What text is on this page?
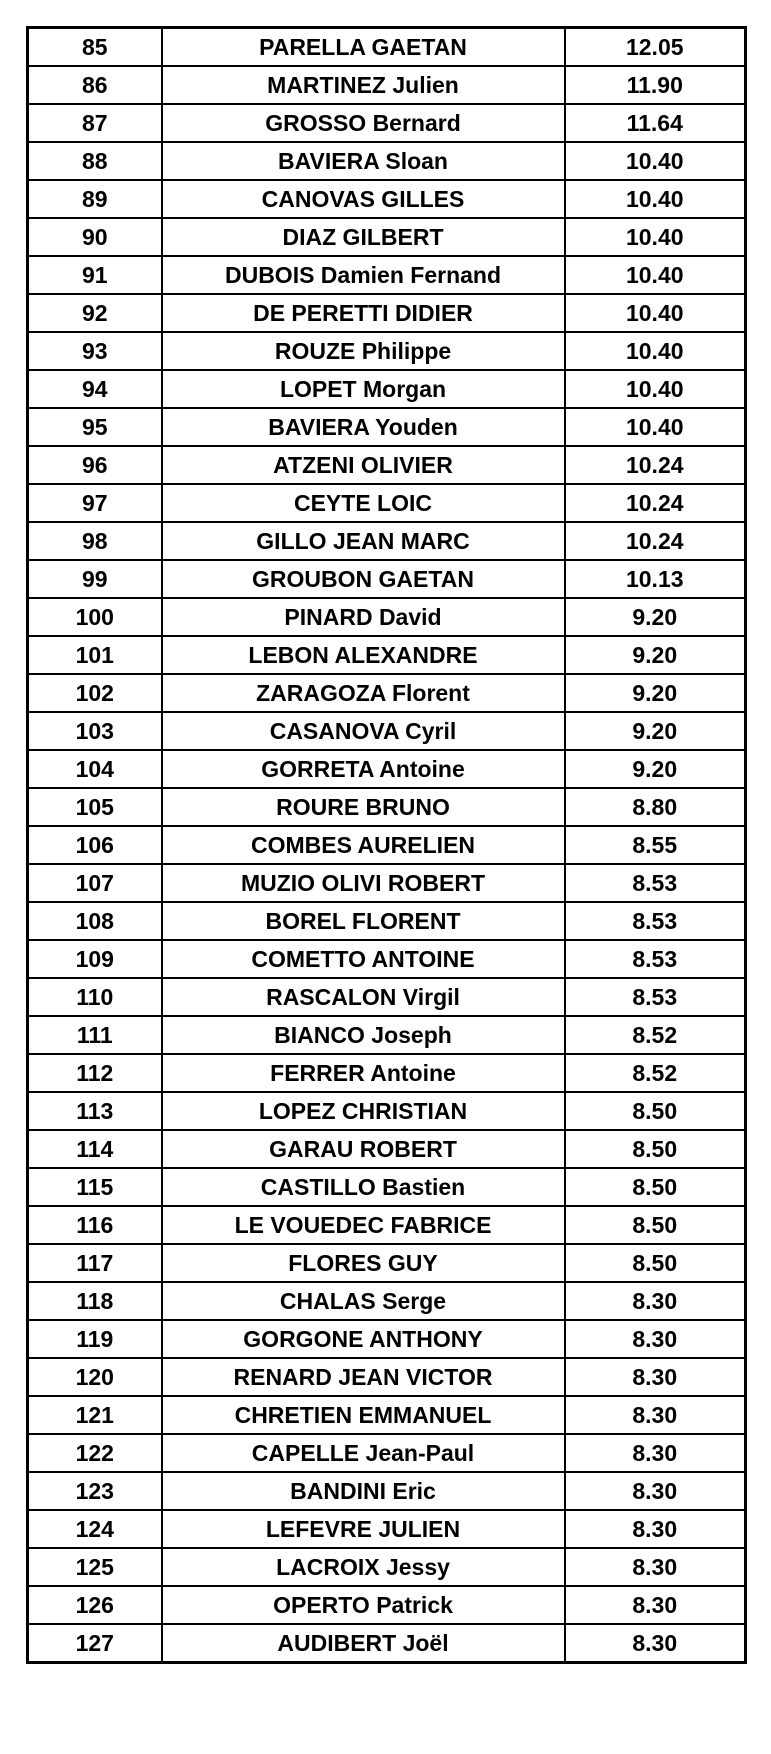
85	PARELLA GAETAN	12.05
86	MARTINEZ Julien	11.90
87	GROSSO Bernard	11.64
88	BAVIERA Sloan	10.40
89	CANOVAS GILLES	10.40
90	DIAZ GILBERT	10.40
91	DUBOIS Damien Fernand	10.40
92	DE PERETTI DIDIER	10.40
93	ROUZE Philippe	10.40
94	LOPET Morgan	10.40
95	BAVIERA Youden	10.40
96	ATZENI OLIVIER	10.24
97	CEYTE LOIC	10.24
98	GILLO JEAN MARC	10.24
99	GROUBON GAETAN	10.13
100	PINARD David	9.20
101	LEBON ALEXANDRE	9.20
102	ZARAGOZA Florent	9.20
103	CASANOVA Cyril	9.20
104	GORRETA Antoine	9.20
105	ROURE BRUNO	8.80
106	COMBES AURELIEN	8.55
107	MUZIO OLIVI ROBERT	8.53
108	BOREL FLORENT	8.53
109	COMETTO ANTOINE	8.53
110	RASCALON Virgil	8.53
111	BIANCO Joseph	8.52
112	FERRER Antoine	8.52
113	LOPEZ CHRISTIAN	8.50
114	GARAU ROBERT	8.50
115	CASTILLO Bastien	8.50
116	LE VOUEDEC FABRICE	8.50
117	FLORES GUY	8.50
118	CHALAS Serge	8.30
119	GORGONE ANTHONY	8.30
120	RENARD JEAN VICTOR	8.30
121	CHRETIEN EMMANUEL	8.30
122	CAPELLE Jean-Paul	8.30
123	BANDINI Eric	8.30
124	LEFEVRE JULIEN	8.30
125	LACROIX Jessy	8.30
126	OPERTO Patrick	8.30
127	AUDIBERT Joël	8.30
